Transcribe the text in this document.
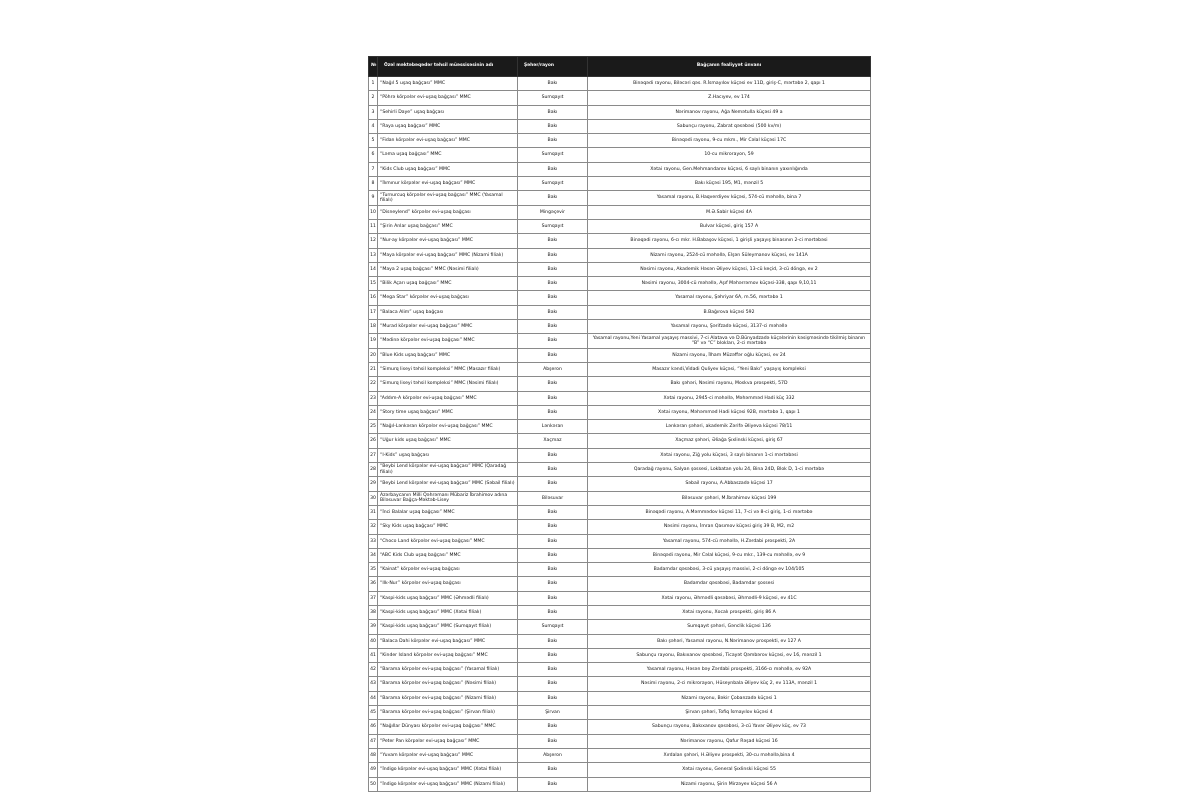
№	Özəl məktəbəqədər təhsil müəssisəsinin adı	Şəhər/rayon	Bağçanın fəaliyyət ünvanı
1	“Nağıl 5 uşaq bağçası” MMC	Bakı	Binəqədi rayonu, Biləcəri qəs. R.İsmayılov küçəsi ev 11D, giriş-C, mərtəbə 2, qapı 1
2	“Pöhrə körpələr evi-uşaq bağçası” MMC	Sumqayıt	Z.Hacıyev, ev 174
3	“Sehirli Daye” uşaq bağçası	Bakı	Nərimanov rayonu, Ağa Nemətulla küçəsi 49 a
4	“Raya uşaq bağçası” MMC	Bakı	Sabunçu rayonu, Zabrat qəsəbəsi (500 kv/m)
5	“Fidan körpələr evi-uşaq bağçası” MMC	Bakı	Binəqədi rayonu, 9-cu mkm., Mir Cəlal küçəsi 17C
6	“Ləma uşaq bağçası” MMC	Sumqayıt	10-cu mikrorayon, 59
7	“Kids Club uşaq bağçası” MMC	Bakı	Xətai rayonu, Gen.Mehmandarov küçəsi, 6 saylı binanın yaxınlığında
8	“İlımınur körpələr evi-uşaq bağçası” MMC	Sumqayıt	Bakı küçəsi 195, M1, mənzil 5
9	“Turnurcuq körpələr evi-uşaq bağçası” MMC (Yasamal filialı)	Bakı	Yasamal rayonu, B.Haqverdiyev küçəsi, 574-cü məhəllə, bina 7
10	“Disneylend” körpələr evi-uşaq bağçası	Mingəçevir	M.Ə.Sabir küçəsi 4A
11	“Şirin Anlar uşaq bağçası” MMC	Sumqayıt	Bulvar küçəsi, giriş 157 A
12	“Nur-ay körpələr evi-uşaq bağçası” MMC	Bakı	Binəqədi rayonu, 6-cı mkr. H.Babaşov küçəsi, 1 girişli yaşayış binasının 2-ci mərtəbəsi
13	“Maya körpələr evi-uşaq bağçası” MMC (Nizami filialı)	Bakı	Nizami rayonu, 2524-cü məhəllə, Elşən Süleymanov küçəsi, ev 141A
14	“Maya 2 uşaq bağçası” MMC (Nəsimi filialı)	Bakı	Nəsimi rayonu, Akademik Həsən Əliyev küçəsi, 13-cü keçid, 3-cü döngə, ev 2
15	“Bilik Açarı uşaq bağçası” MMC	Bakı	Nəsimi rayonu, 3004-cü məhəllə, Aşıf Məhərrəmov küçəsi-338, qapı 9,10,11
16	“Mega Star” körpələr evi-uşaq bağçası	Bakı	Yasamal rayonu, Şəhriyar 6A, m.56, mərtəbə 1
17	“Balaca Alim” uşaq bağçası	Bakı	B.Bağırova küçəsi 592
18	“Murad körpələr evi-uşaq bağçası” MMC	Bakı	Yasamal rayonu, Şərifzadə küçəsi, 3137-ci məhəllə
19	“Mədinə körpələr evi-uşaq bağçası” MMC	Bakı	Yasamal rayonu,Yeni Yasamal yaşayış massivi, 7-ci Alatava və D.Bünyadzadə küçələrinin kəsişməsində tikilmiş binanın “B” və “C” blokları, 2-ci mərtəbə
20	“Blue Kids uşaq bağçası” MMC	Bakı	Nizami rayonu, İlham Müzəffər oğlu küçəsi, ev 24
21	“Simurq liseyi təhsil kompleksi” MMC (Masazır filialı)	Abşeron	Masazır kəndi,Vidadi Quliyev küçəsi, “Yeni Bakı” yaşayış kompleksi
22	“Simurq liseyi təhsil kompleksi” MMC (Nəsimi filialı)	Bakı	Bakı şəhəri, Nəsimi rayonu, Moskva prospekti, 57D
23	“Addım-A körpələr evi-uşaq bağçası” MMC	Bakı	Xətai rayonu, 2945-ci məhəllə, Məhəmməd Hadi küç 332
24	“Story time uşaq bağçası” MMC	Bakı	Xətai rayonu, Məhəmməd Hadi küçəsi 92B, mərtəbə 1, qapı 1
25	“Nağıl-Lənkəran körpələr evi-uşaq bağçası” MMC	Lənkəran	Lənkəran şəhəri, akademik Zərifə Əliyeva küçəsi 78/11
26	“Uğur kids uşaq bağçası” MMC	Xaçmaz	Xaçmaz şəhəri, Əliağa Şıxlinski küçəsi, giriş 67
27	“I-Kids” uşaq bağçası	Bakı	Xətai rayonu, Ziğ yolu küçəsi, 3 saylı binanın 1-ci mərtəbəsi
28	“Beybi Lend körpələr evi-uşaq bağçası” MMC (Qaradağ filialı)	Bakı	Qaradağ rayonu, Salyan şossesi, Lokbatan yolu 24, Bina 24D, Blok D, 1-ci mərtəbə
29	“Beybi Lend körpələr evi-uşaq bağçası” MMC (Səbail filialı)	Bakı	Səbail rayonu, A.Abbaszadə küçəsi 17
30	Azərbaycanın Milli Qəhrəmanı Mübariz İbrahimov adına Biləsuvar Bağça-Məktəb-Lisey	Biləsuvar	Biləsuvar şəhəri, M.İbrahimov küçəsi 199
31	“İnci Balalar uşaq bağçası” MMC	Bakı	Binəqədi rayonu, A.Məmmədov küçəsi 11, 7-ci və 8-ci giriş, 1-ci mərtəbə
32	“Sky Kids uşaq bağçası” MMC	Bakı	Nəsimi rayonu, İmran Qasımov küçəsi giriş 39 B, M2, m2
33	“Choco Land körpələr evi-uşaq bağçası” MMC	Bakı	Yasamal rayonu, 574-cü məhəllə, H.Zərdabi prospekti, 2A
34	“ABC Kids Club uşaq bağçası” MMC	Bakı	Binəqədi rayonu, Mir Cəlal küçəsi, 9-cu mkr., 139-cu məhəllə, ev 9
35	“Kainat” körpələr evi-uşaq bağçası	Bakı	Badamdar qəsəbəsi, 3-cü yaşayış massivi, 2-ci döngə ev 104/105
36	“Ilk-Nur” körpələr evi-uşaq bağçası	Bakı	Badamdar qəsəbəsi, Badamdar şossesi
37	“Kaspi-kids uşaq bağçası” MMC (Əhmədli filialı)	Bakı	Xətai rayonu, Əhmədli qəsəbəsi, Əhmədli-9 küçəsi, ev 41C
38	“Kaspi-kids uşaq bağçası” MMC (Xətai filialı)	Bakı	Xətai rayonu, Xocalı prospekti, giriş 86 A
39	“Kaspi-kids uşaq bağçası” MMC (Sumqayıt filialı)	Sumqayıt	Sumqayıt şəhəri, Gənclik küçəsi 136
40	“Balaca Dahi körpələr evi-uşaq bağçası” MMC	Bakı	Bakı şəhəri, Yasamal rayonu, N.Nərimanov prospekti, ev 127 A
41	“Kinder Island körpələr evi-uşaq bağçası” MMC	Bakı	Sabunçu rayonu, Bakıxanov qəsəbəsi, Ticayət Qəmbərov küçəsi, ev 16, mənzil 1
42	“Barama körpələr evi-uşaq bağçası” (Yasamal filialı)	Bakı	Yasamal rayonu, Həsən bəy Zərdabi prospekti, 3166-cı məhəllə, ev 92A
43	“Barama körpələr evi-uşaq bağçası” (Nəsimi filialı)	Bakı	Nəsimi rayonu, 2-ci mikrorayon, Hüseynbala Əliyev küç 2, ev 113A, mənzil 1
44	“Barama körpələr evi-uşaq bağçası” (Nizami filialı)	Bakı	Nizami rayonu, Bəkir Çobanzadə küçəsi 1
45	“Barama körpələr evi-uşaq bağçası” (Şirvan filialı)	Şirvan	Şirvan şəhəri, Tofiq İsmayılov küçəsi 4
46	“Nağıllar Dünyası körpələr evi-uşaq bağçası” MMC	Bakı	Sabunçu rayonu, Bakıxanov qəsəbəsi, 3-cü Yavər Əliyev küç, ev 73
47	“Peter Pan körpələr evi-uşaq bağçası” MMC	Bakı	Nərimanov rayonu, Qafur Rəşad küçəsi 16
48	“Yuvam körpələr evi-uşaq bağçası” MMC	Abşeron	Xırdalan şəhəri, H.Əliyev prospekti, 30-cu məhəllə,bina 4
49	“İndigo körpələr evi-uşaq bağçası” MMC (Xətai filialı)	Bakı	Xətai rayonu, General Şıxlinski küçəsi 55
50	“İndigo körpələr evi-uşaq bağçası” MMC (Nizami filialı)	Bakı	Nizami rayonu, Şirin Mirzəyev küçəsi 56 A
